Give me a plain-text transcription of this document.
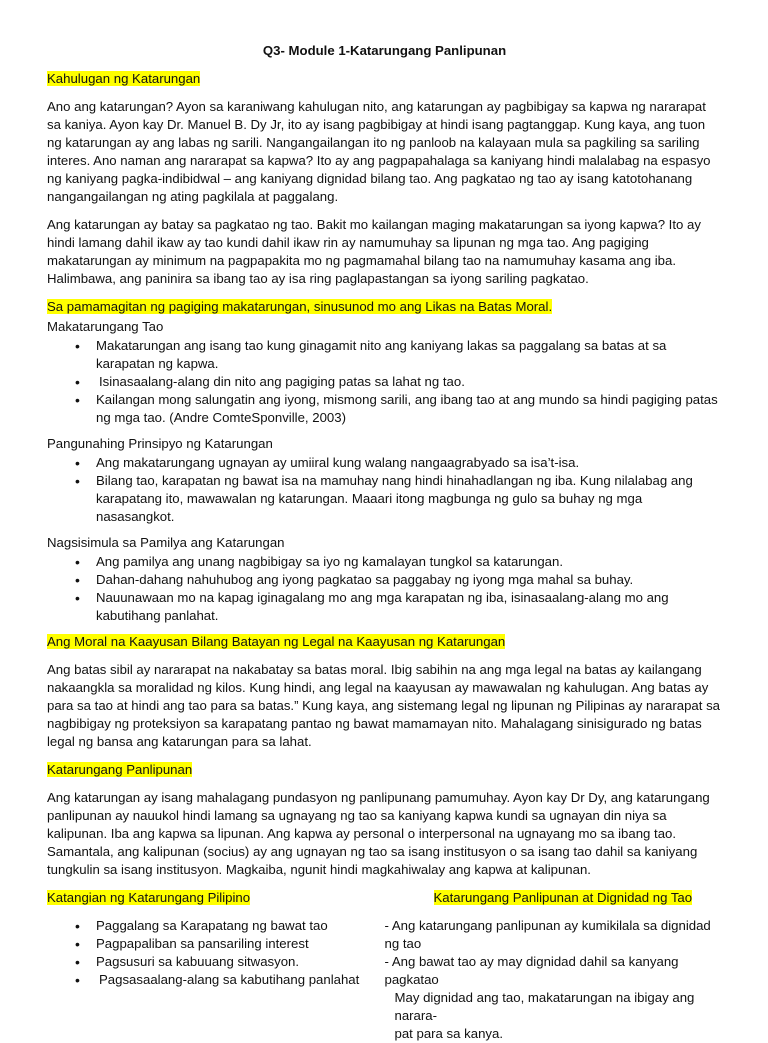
Q3- Module 1-Katarungang Panlipunan
Kahulugan ng Katarungan

Ano ang katarungan? Ayon sa karaniwang kahulugan nito, ang katarungan ay pagbibigay sa kapwa ng nararapat sa kaniya. Ayon kay Dr. Manuel B. Dy Jr, ito ay isang pagbibigay at hindi isang pagtanggap. Kung kaya, ang tuon ng katarungan ay ang labas ng sarili. Nangangailangan ito ng panloob na kalayaan mula sa pagkiling sa sariling interes. Ano naman ang nararapat sa kapwa? Ito ay ang pagpapahalaga sa kaniyang hindi malalabag na espasyo ng kaniyang pagka-indibidwal – ang kaniyang dignidad bilang tao. Ang pagkatao ng tao ay isang katotohanang nangangailangan ng ating pagkilala at paggalang.

Ang katarungan ay batay sa pagkatao ng tao. Bakit mo kailangan maging makatarungan sa iyong kapwa? Ito ay hindi lamang dahil ikaw ay tao kundi dahil ikaw rin ay namumuhay sa lipunan ng mga tao. Ang pagiging makatarungan ay minimum na pagpapakita mo ng pagmamahal bilang tao na namumuhay kasama ang iba. Halimbawa, ang paninira sa ibang tao ay isa ring paglapastangan sa iyong sariling pagkatao.

Sa pamamagitan ng pagiging makatarungan, sinusunod mo ang Likas na Batas Moral.
Makatarungang Tao
• Makatarungan ang isang tao kung ginagamit nito ang kaniyang lakas sa paggalang sa batas at sa karapatan ng kapwa.
• Isinasaalang-alang din nito ang pagiging patas sa lahat ng tao.
• Kailangan mong salungatin ang iyong, mismong sarili, ang ibang tao at ang mundo sa hindi pagiging patas ng mga tao. (Andre ComteSponville, 2003)
Pangunahing Prinsipyo ng Katarungan
• Ang makatarungang ugnayan ay umiiral kung walang nangaagrabyado sa isa’t-isa.
• Bilang tao, karapatan ng bawat isa na mamuhay nang hindi hinahadlangan ng iba. Kung nilalabag ang karapatang ito, mawawalan ng katarungan. Maaari itong magbunga ng gulo sa buhay ng mga nasasangkot.
Nagsisimula sa Pamilya ang Katarungan
• Ang pamilya ang unang nagbibigay sa iyo ng kamalayan tungkol sa katarungan.
• Dahan-dahang nahuhubog ang iyong pagkatao sa paggabay ng iyong mga mahal sa buhay.
• Nauunawaan mo na kapag iginagalang mo ang mga karapatan ng iba, isinasaalang-alang mo ang kabutihang panlahat.
Ang Moral na Kaayusan Bilang Batayan ng Legal na Kaayusan ng Katarungan

Ang batas sibil ay nararapat na nakabatay sa batas moral. Ibig sabihin na ang mga legal na batas ay kailangang nakaangkla sa moralidad ng kilos. Kung hindi, ang legal na kaayusan ay mawawalan ng kahulugan. Ang batas ay para sa tao at hindi ang tao para sa batas.” Kung kaya, ang sistemang legal ng lipunan ng Pilipinas ay nararapat sa nagbibigay ng proteksiyon sa karapatang pantao ng bawat mamamayan nito. Mahalagang sinisigurado ng batas legal ng bansa ang katarungan para sa lahat.

Katarungang Panlipunan

Ang katarungan ay isang mahalagang pundasyon ng panlipunang pamumuhay. Ayon kay Dr Dy, ang katarungang panlipunan ay nauukol hindi lamang sa ugnayang ng tao sa kaniyang kapwa kundi sa ugnayan din niya sa kalipunan. Iba ang kapwa sa lipunan. Ang kapwa ay personal o interpersonal na ugnayang mo sa ibang tao. Samantala, ang kalipunan (socius) ay ang ugnayan ng tao sa isang institusyon o sa isang tao dahil sa kaniyang tungkulin sa isang institusyon. Magkaiba, ngunit hindi magkahiwalay ang kapwa at kalipunan.

Katangian ng Katarungang Pilipino
• Paggalang sa Karapatang ng bawat tao
• Pagpapaliban sa pansariling interest
• Pagsusuri sa kabuuang sitwasyon.
• Pagsasaalang-alang sa kabutihang panlahat
Katarungang Panlipunan at Dignidad ng Tao
- Ang katarungang panlipunan ay kumikilala sa dignidad ng tao
- Ang bawat tao ay may dignidad dahil sa kanyang pagkatao
May dignidad ang tao, makatarungan na ibigay ang narara-
pat para sa kanya.
